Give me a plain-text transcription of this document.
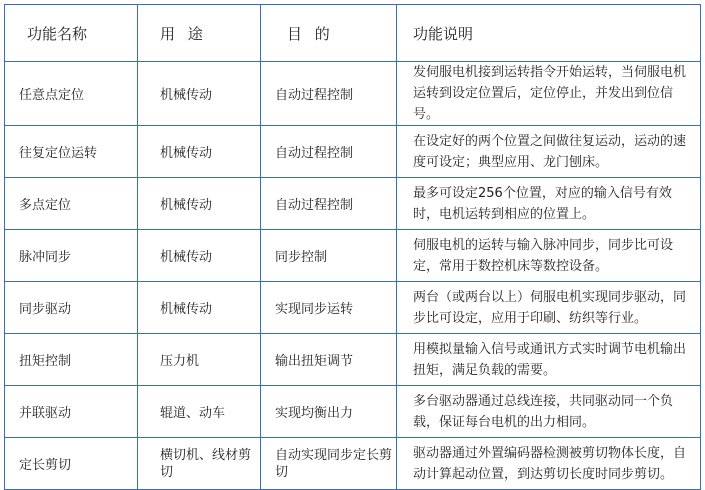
功能名称	用 途	目 的	功能说明
任意点定位	机械传动	自动过程控制	发伺服电机接到运转指令开始运转，当伺服电机运转到设定位置后，定位停止，并发出到位信号。
往复定位运转	机械传动	自动过程控制	在设定好的两个位置之间做往复运动，运动的速度可设定；典型应用、龙门刨床。
多点定位	机械传动	自动过程控制	最多可设定256个位置，对应的输入信号有效时，电机运转到相应的位置上。
脉冲同步	机械传动	同步控制	伺服电机的运转与输入脉冲同步，同步比可设定，常用于数控机床等数控设备。
同步驱动	机械传动	实现同步运转	两台（或两台以上）伺服电机实现同步驱动，同步比可设定，应用于印刷、纺织等行业。
扭矩控制	压力机	输出扭矩调节	用模拟量输入信号或通讯方式实时调节电机输出扭矩，满足负载的需要。
并联驱动	辊道、动车	实现均衡出力	多台驱动器通过总线连接，共同驱动同一个负载，保证每台电机的出力相同。
定长剪切	横切机、线材剪切	自动实现同步定长剪切	驱动器通过外置编码器检测被剪切物体长度，自动计算起动位置，到达剪切长度时同步剪切。
